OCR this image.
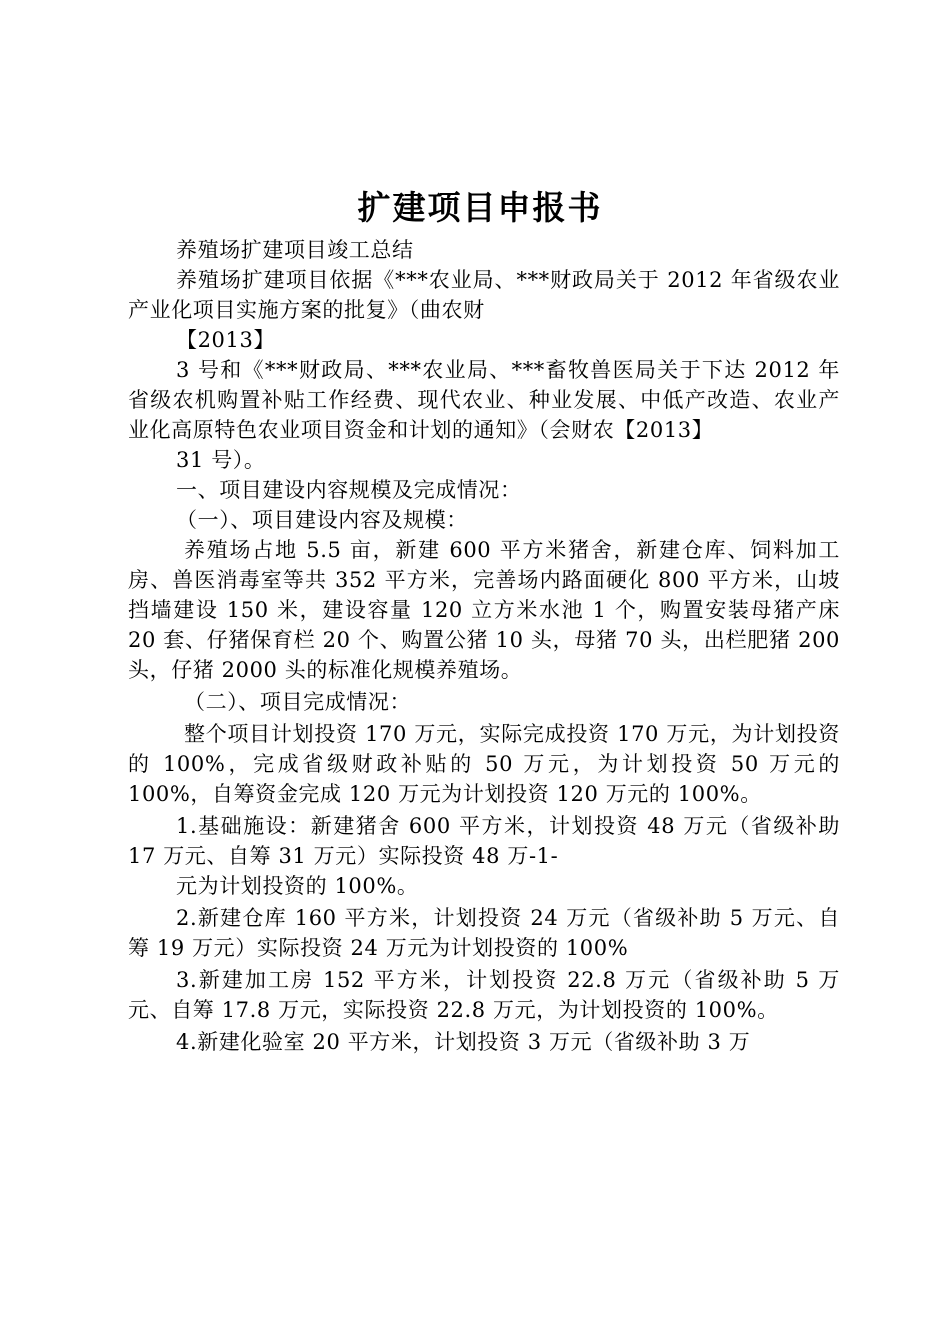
扩建项目申报书

养殖场扩建项目竣工总结

养殖场扩建项目依据《***农业局、***财政局关于 2012 年省级农业产业化项目实施方案的批复》（曲农财

【2013】

3 号和《***财政局、***农业局、***畜牧兽医局关于下达 2012 年省级农机购置补贴工作经费、现代农业、种业发展、中低产改造、农业产业化高原特色农业项目资金和计划的通知》（会财农【2013】

31 号）。

一、项目建设内容规模及完成情况：

（一）、项目建设内容及规模：

养殖场占地 5.5 亩，新建 600 平方米猪舍，新建仓库、饲料加工房、兽医消毒室等共 352 平方米，完善场内路面硬化 800 平方米，山坡挡墙建设 150 米，建设容量 120 立方米水池 1 个，购置安装母猪产床 20 套、仔猪保育栏 20 个、购置公猪 10 头，母猪 70 头，出栏肥猪 200 头，仔猪 2000 头的标准化规模养殖场。

（二）、项目完成情况：

整个项目计划投资 170 万元，实际完成投资 170 万元，为计划投资的 100%，完成省级财政补贴的 50 万元，为计划投资 50 万元的 100%，自筹资金完成 120 万元为计划投资 120 万元的 100%。

1.基础施设：新建猪舍 600 平方米，计划投资 48 万元（省级补助 17 万元、自筹 31 万元）实际投资 48 万-1-

元为计划投资的 100%。

2.新建仓库 160 平方米，计划投资 24 万元（省级补助 5 万元、自筹 19 万元）实际投资 24 万元为计划投资的 100%

3.新建加工房 152 平方米，计划投资 22.8 万元（省级补助 5 万元、自筹 17.8 万元，实际投资 22.8 万元，为计划投资的 100%。

4.新建化验室 20 平方米，计划投资 3 万元（省级补助 3 万
